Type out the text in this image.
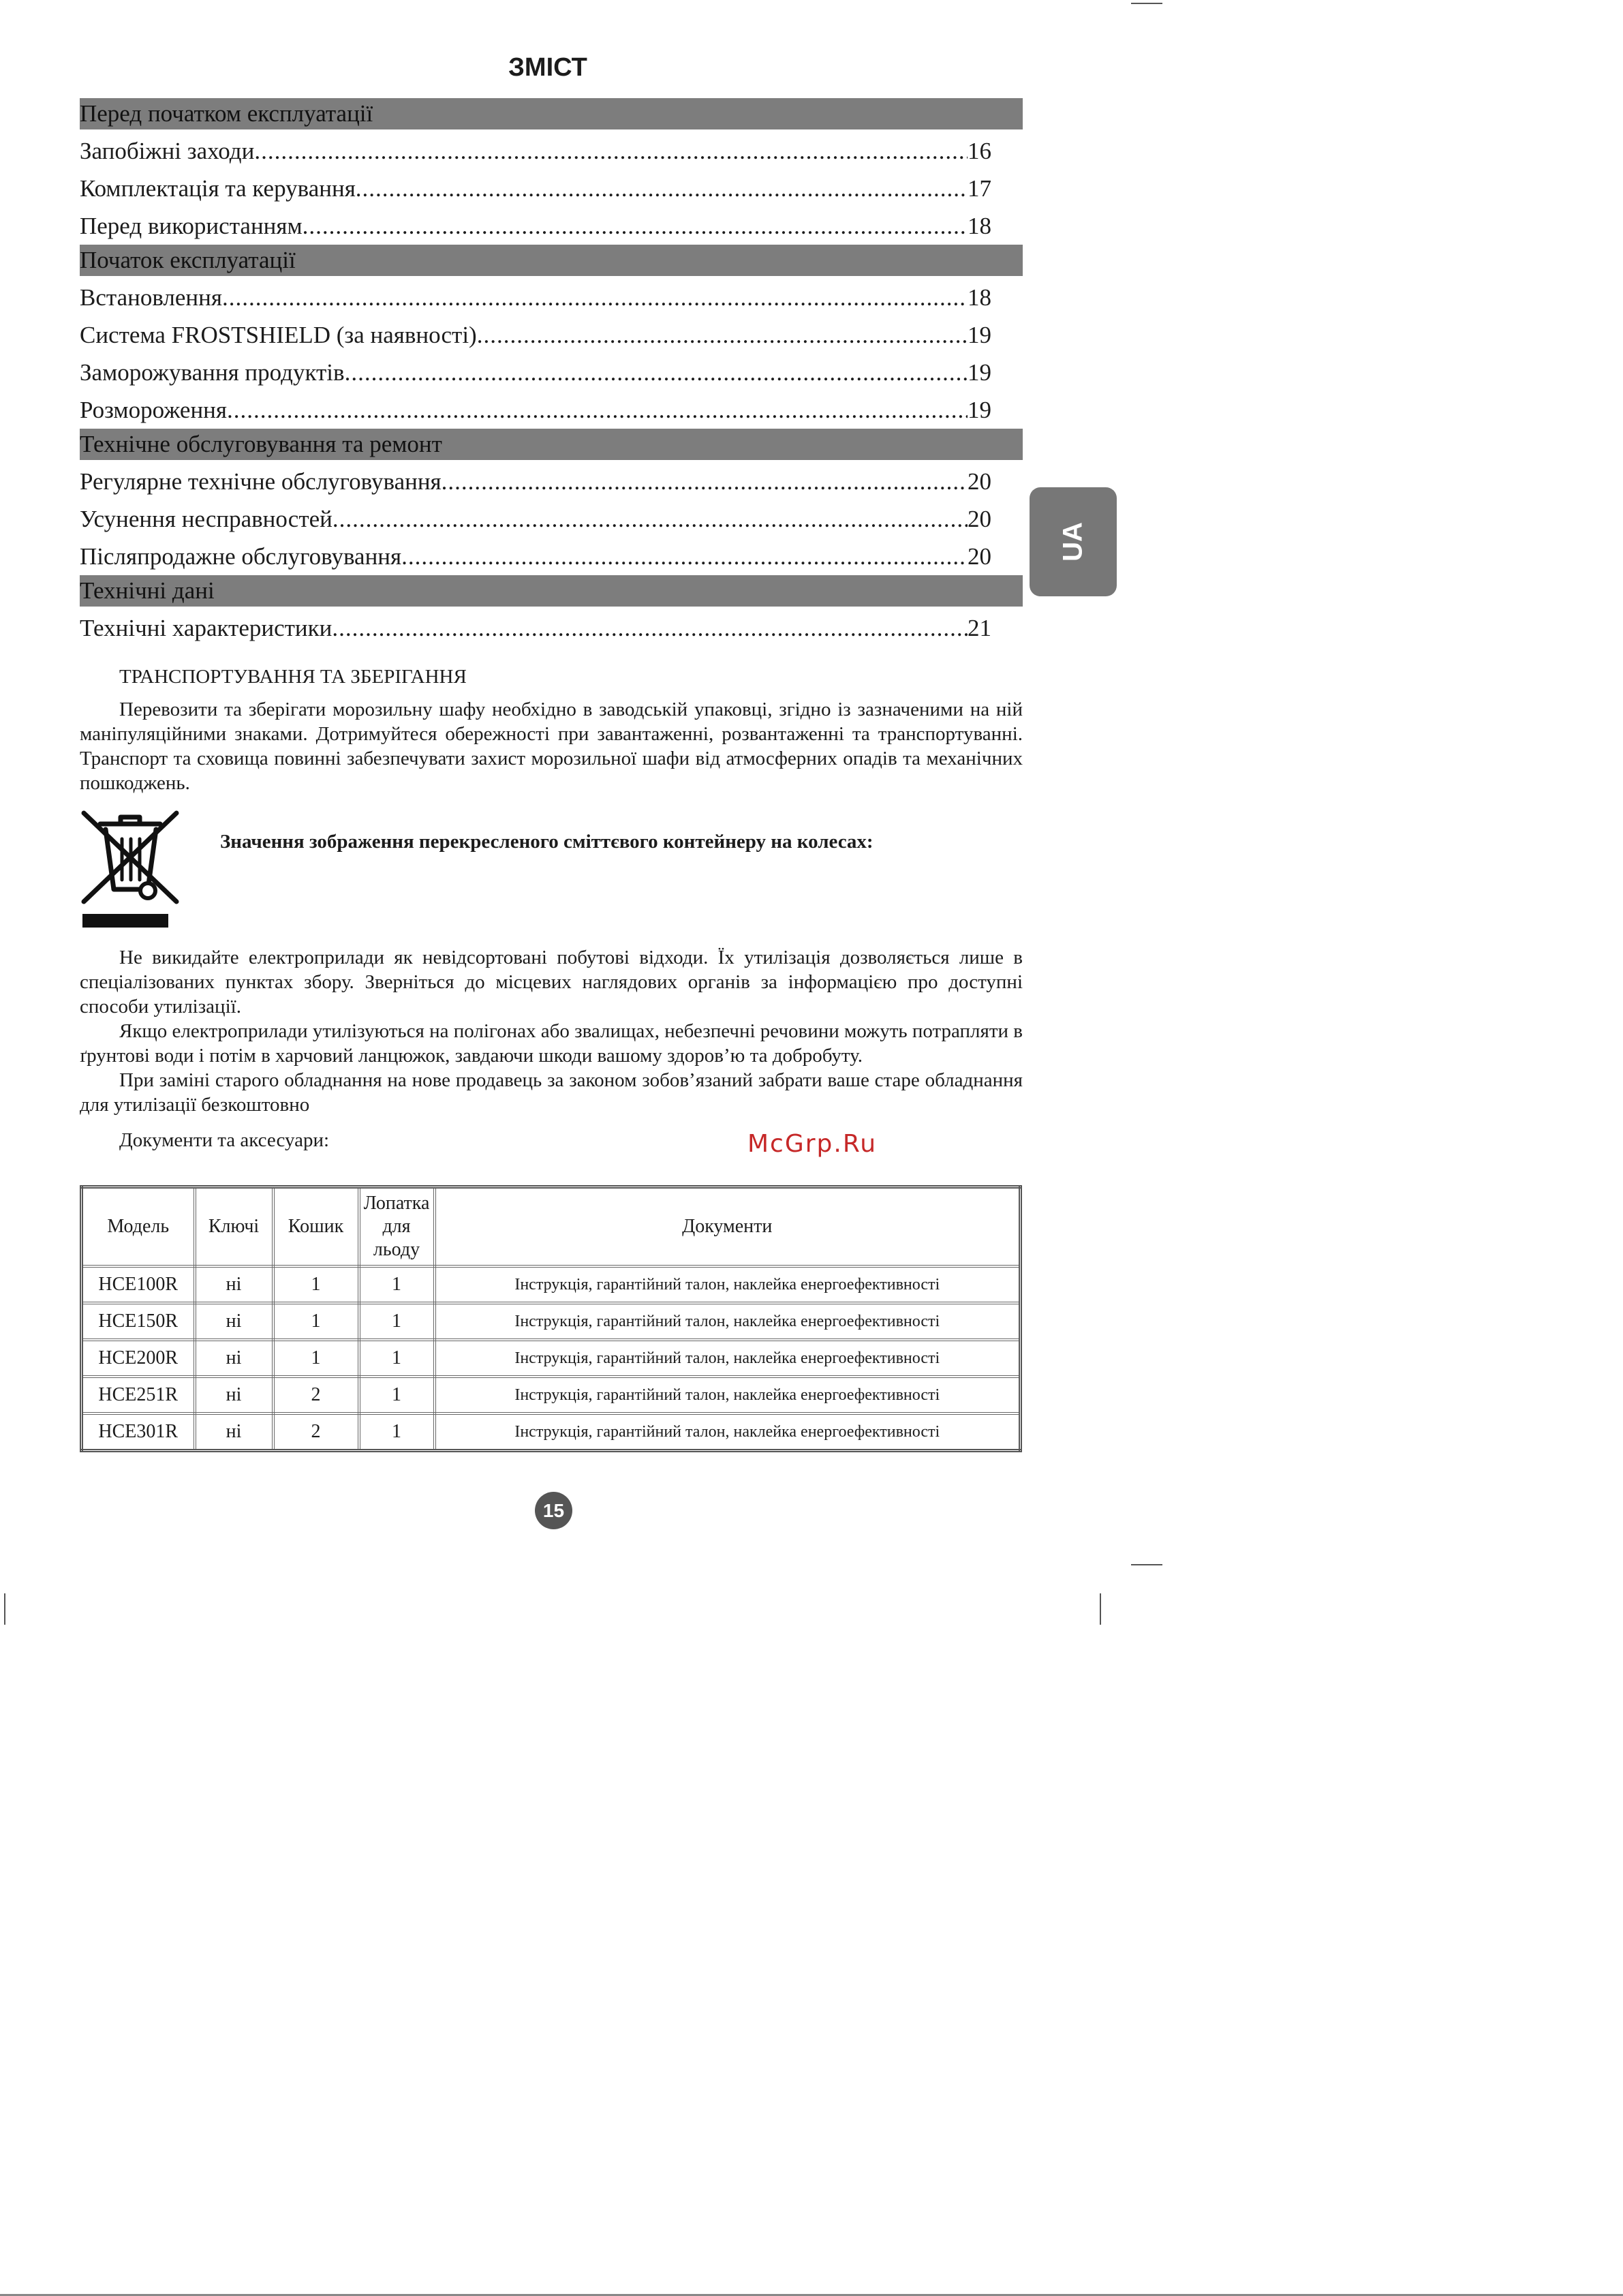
ЗМІСТ
Перед початком експлуатації
Запобіжні заходи .....	16
Комплектація та керування .....	17
Перед використанням .....	18
Початок експлуатації
Встановлення .....	18
Система FROSTSHIELD (за наявності) .....	19
Заморожування продуктів .....	19
Розмороження .....	19
Технічне обслуговування та ремонт
Регулярне технічне обслуговування .....	20
Усунення несправностей .....	20
Післяпродажне обслуговування .....	20
Технічні дані
Технічні характеристики .....	21
ТРАНСПОРТУВАННЯ ТА ЗБЕРІГАННЯ

Перевозити та зберігати морозильну шафу необхідно в заводській упаковці, згідно із зазначеними на ній маніпуляційними знаками. Дотримуйтеся обережності при завантаженні, розвантаженні та транспортуванні. Транспорт та сховища повинні забезпечувати захист морозильної шафи від атмосферних опадів та механічних пошкоджень.

Значення зображення перекресленого сміттєвого контейнеру на колесах:

Не викидайте електроприлади як невідсортовані побутові відходи. Їх утилізація дозволяється лише в спеціалізованих пунктах збору. Зверніться до місцевих наглядових органів за інформацією про доступні способи утилізації.

Якщо електроприлади утилізуються на полігонах або звалищах, небезпечні речовини можуть потрапляти в ґрунтові води і потім в харчовий ланцюжок, завдаючи шкоди вашому здоров’ю та добробуту.

При заміні старого обладнання на нове продавець за законом зобов’язаний забрати ваше старе обладнання для утилізації безкоштовно

Документи та аксесуари:	McGrp.Ru
Модель	Ключі	Кошик	Лопатка для льоду	Документи
HCE100R	ні	1	1	Інструкція, гарантійний талон, наклейка енергоефективності
HCE150R	ні	1	1	Інструкція, гарантійний талон, наклейка енергоефективності
HCE200R	ні	1	1	Інструкція, гарантійний талон, наклейка енергоефективності
HCE251R	ні	2	1	Інструкція, гарантійний талон, наклейка енергоефективності
HCE301R	ні	2	1	Інструкція, гарантійний талон, наклейка енергоефективності
UA
15
